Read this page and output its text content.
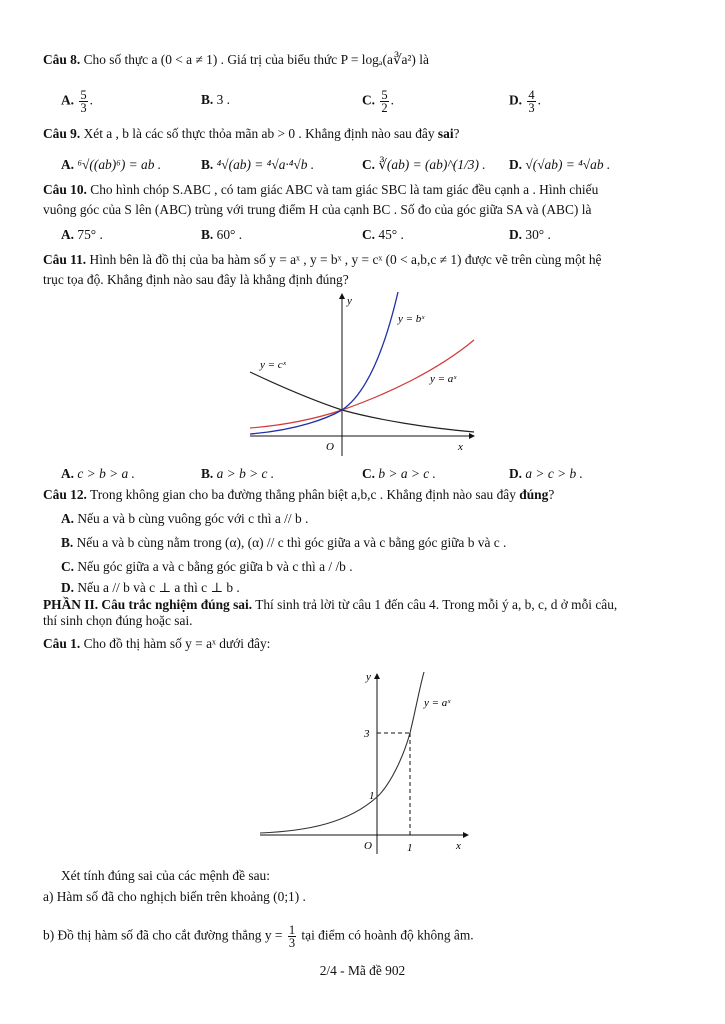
Câu 8. Cho số thực a (0 < a ≠ 1) . Giá trị của biểu thức P = logₐ(a∛a²) là
A. $\frac{5}{3}$ .	B. 3 .	C. $\frac{5}{2}$ .	D. $\frac{4}{3}$ .
Câu 9. Xét a , b là các số thực thỏa mãn ab > 0 . Khẳng định nào sau đây sai?
A. ⁶√((ab)⁶) = ab .	B. ⁴√(ab) = ⁴√a·⁴√b .	C. ∛(ab) = (ab)^(1/3) . D. √(√ab) = ⁴√ab .
Câu 10. Cho hình chóp S.ABC , có tam giác ABC và tam giác SBC là tam giác đều cạnh a . Hình chiếu
vuông góc của S lên (ABC) trùng với trung điểm H của cạnh BC . Số đo của góc giữa SA và (ABC) là
A. 75° .	B. 60° .	C. 45° .	D. 30° .
Câu 11. Hình bên là đồ thị của ba hàm số y = aˣ , y = bˣ , y = cˣ (0 < a,b,c ≠ 1) được vẽ trên cùng một hệ
trục tọa độ. Khẳng định nào sau đây là khẳng định đúng?
y
x
O
y = bˣ
y = cˣ
y = aˣ
A. c > b > a .	B. a > b > c .	C. b > a > c .	D. a > c > b .
Câu 12. Trong không gian cho ba đường thẳng phân biệt a,b,c . Khẳng định nào sau đây đúng?
A. Nếu a và b cùng vuông góc với c thì a // b .
B. Nếu a và b cùng nằm trong (α), (α) // c thì góc giữa a và c bằng góc giữa b và c .
C. Nếu góc giữa a và c bằng góc giữa b và c thì a / /b .
D. Nếu a // b và c ⊥ a thì c ⊥ b .
PHẦN II. Câu trắc nghiệm đúng sai. Thí sinh trả lời từ câu 1 đến câu 4. Trong mỗi ý a, b, c, d ở mỗi câu,
thí sinh chọn đúng hoặc sai.
Câu 1. Cho đồ thị hàm số y = aˣ dưới đây:
y
x
O	1
1
3
y = aˣ
Xét tính đúng sai của các mệnh đề sau:
a) Hàm số đã cho nghịch biến trên khoảng (0;1) .
b) Đồ thị hàm số đã cho cắt đường thẳng $y = \frac{1}{3}$ tại điểm có hoành độ không âm.
2/4 - Mã đề 902
